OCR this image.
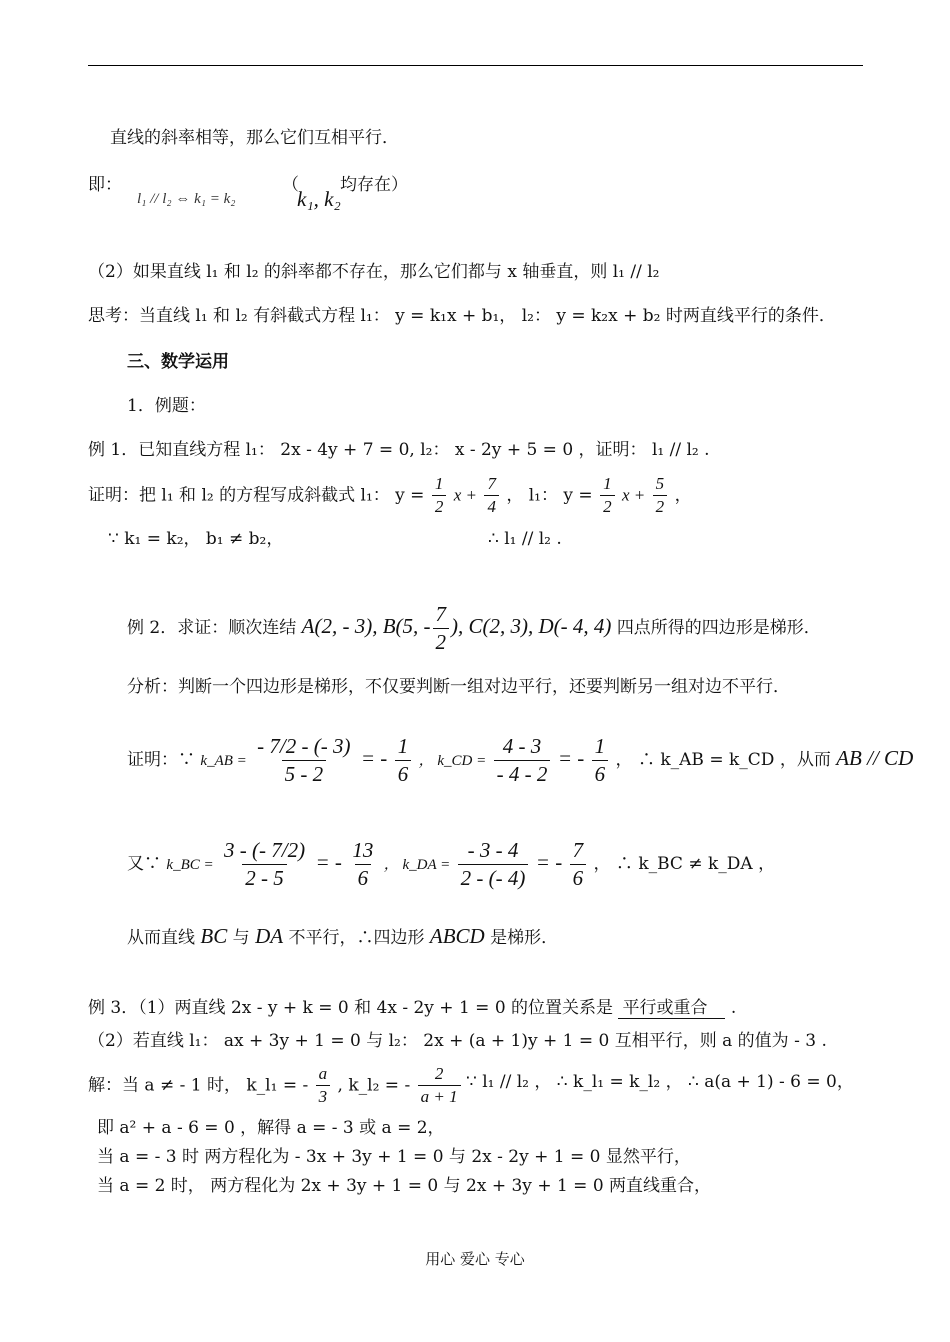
直线的斜率相等，那么它们互相平行．
即：
l₁ // l₂ ⇔ k₁ = k₂
（
k₁, k₂
均存在）
（2）如果直线 l₁ 和 l₂ 的斜率都不存在，那么它们都与 x 轴垂直，则 l₁ // l₂
思考：当直线 l₁ 和 l₂ 有斜截式方程 l₁： y = k₁x + b₁， l₂： y = k₂x + b₂ 时两直线平行的条件．
三、数学运用
1．例题：
例 1．已知直线方程 l₁： 2x - 4y + 7 = 0, l₂： x - 2y + 5 = 0 ，证明： l₁ // l₂ .
证明：把 l₁ 和 l₂ 的方程写成斜截式 l₁： $y = \frac{1}{2}$ $x + \frac{7}{4}$ ， l₁： $y = \frac{1}{2}$ $x + \frac{5}{2}$ ，
∵ k₁ = k₂， b₁ ≠ b₂，	∴ l₁ // l₂ .
例 2．求证：顺次连结 A(2, - 3), B(5, - $\frac{7}{2}$ ), C(2, 3), D(- 4, 4) 四点所得的四边形是梯形．
分析：判断一个四边形是梯形，不仅要判断一组对边平行，还要判断另一组对边不平行．
证明：∵ k_AB = $\frac{- 7/2 - (- 3)}{5 - 2}$ = - $\frac{1}{6}$ ， k_CD = $\frac{4 - 3}{- 4 - 2}$ = - $\frac{1}{6}$ ， ∴ k_AB = k_CD ，从而 AB // CD
又∵ k_BC = $\frac{3 - (- 7/2)}{2 - 5}$ = - $\frac{13}{6}$ ， k_DA = $\frac{- 3 - 4}{2 - (- 4)}$ = - $\frac{7}{6}$ ， ∴ k_BC ≠ k_DA ，
从而直线 BC 与 DA 不平行，∴四边形 ABCD 是梯形．
例 3．（1）两直线 2x - y + k = 0 和 4x - 2y + 1 = 0 的位置关系是 平行或重合 .
（2）若直线 l₁： ax + 3y + 1 = 0 与 l₂： 2x + (a + 1)y + 1 = 0 互相平行，则 a 的值为 - 3 .
解：当 a ≠ - 1 时， k_l₁ = - $\frac{a}{3}$ , k_l₂ = - $\frac{2}{a + 1}$ ∵ l₁ // l₂ ， ∴ k_l₁ = k_l₂ ， ∴ a(a + 1) - 6 = 0，
即 a² + a - 6 = 0 ，解得 a = - 3 或 a = 2，
当 a = - 3 时 两方程化为 - 3x + 3y + 1 = 0 与 2x - 2y + 1 = 0 显然平行，
当 a = 2 时， 两方程化为 2x + 3y + 1 = 0 与 2x + 3y + 1 = 0 两直线重合，
用心 爱心 专心
